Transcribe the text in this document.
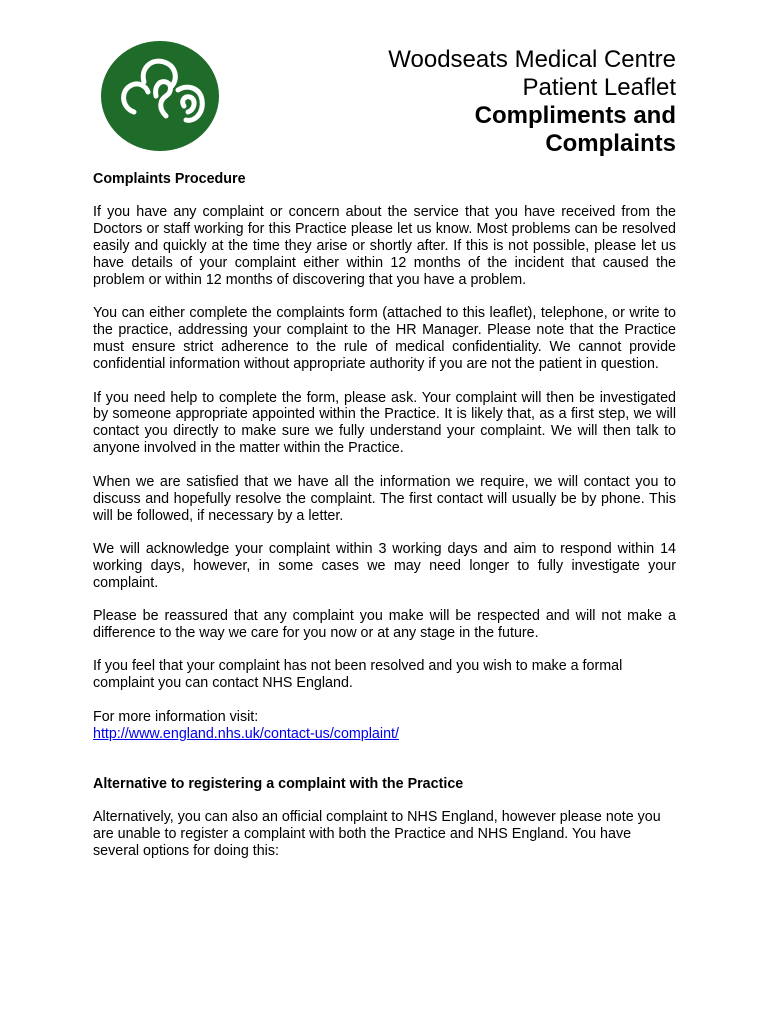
Woodseats Medical Centre
Patient Leaflet
Compliments and
Complaints
Complaints Procedure

If you have any complaint or concern about the service that you have received from the Doctors or staff working for this Practice please let us know. Most problems can be resolved easily and quickly at the time they arise or shortly after. If this is not possible, please let us have details of your complaint either within 12 months of the incident that caused the problem or within 12 months of discovering that you have a problem.

You can either complete the complaints form (attached to this leaflet), telephone, or write to the practice, addressing your complaint to the HR Manager. Please note that the Practice must ensure strict adherence to the rule of medical confidentiality. We cannot provide confidential information without appropriate authority if you are not the patient in question.

If you need help to complete the form, please ask. Your complaint will then be investigated by someone appropriate appointed within the Practice. It is likely that, as a first step, we will contact you directly to make sure we fully understand your complaint. We will then talk to anyone involved in the matter within the Practice.

When we are satisfied that we have all the information we require, we will contact you to discuss and hopefully resolve the complaint. The first contact will usually be by phone. This will be followed, if necessary by a letter.

We will acknowledge your complaint within 3 working days and aim to respond within 14 working days, however, in some cases we may need longer to fully investigate your complaint.

Please be reassured that any complaint you make will be respected and will not make a difference to the way we care for you now or at any stage in the future.

If you feel that your complaint has not been resolved and you wish to make a formal complaint you can contact NHS England.

For more information visit:
http://www.england.nhs.uk/contact-us/complaint/

Alternative to registering a complaint with the Practice

Alternatively, you can also an official complaint to NHS England, however please note you are unable to register a complaint with both the Practice and NHS England. You have several options for doing this:
